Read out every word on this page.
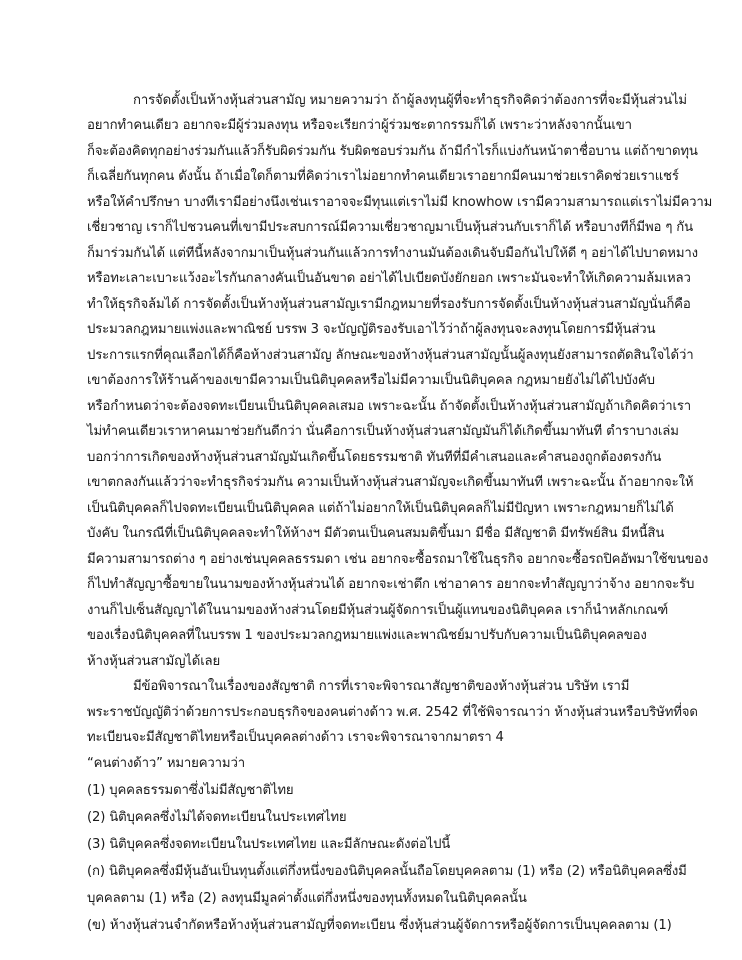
การจัดตั้งเป็นห้างหุ้นส่วนสามัญ หมายความว่า ถ้าผู้ลงทุนผู้ที่จะทำธุรกิจคิดว่าต้องการที่จะมีหุ้นส่วนไม่
อยากทำคนเดียว อยากจะมีผู้ร่วมลงทุน หรือจะเรียกว่าผู้ร่วมชะตากรรมก็ได้ เพราะว่าหลังจากนั้นเขา
ก็จะต้องคิดทุกอย่างร่วมกันแล้วก็รับผิดร่วมกัน รับผิดชอบร่วมกัน ถ้ามีกำไรก็แบ่งกันหน้าตาชื่อบาน แต่ถ้าขาดทุน
ก็เฉลี่ยกันทุกคน ดังนั้น ถ้าเมื่อใดก็ตามที่คิดว่าเราไม่อยากทำคนเดียวเราอยากมีคนมาช่วยเราคิดช่วยเราแชร์
หรือให้คำปรึกษา บางทีเรามีอย่างนึงเช่นเราอาจจะมีทุนแต่เราไม่มี knowhow เรามีความสามารถแต่เราไม่มีความ
เชี่ยวชาญ เราก็ไปชวนคนที่เขามีประสบการณ์มีความเชี่ยวชาญมาเป็นหุ้นส่วนกับเราก็ได้ หรือบางทีก็มีพอ ๆ กัน
ก็มาร่วมกันได้ แต่ทีนี้หลังจากมาเป็นหุ้นส่วนกันแล้วการทำงานมันต้องเดินจับมือกันไปให้ดี ๆ อย่าได้ไปบาดหมาง
หรือทะเลาะเบาะแว้งอะไรกันกลางคันเป็นอันขาด อย่าได้ไปเบียดบังยักยอก เพราะมันจะทำให้เกิดความล้มเหลว
ทำให้ธุรกิจล้มได้ การจัดตั้งเป็นห้างหุ้นส่วนสามัญเรามีกฎหมายที่รองรับการจัดตั้งเป็นห้างหุ้นส่วนสามัญนั่นก็คือ
ประมวลกฎหมายแพ่งและพาณิชย์ บรรพ 3 จะบัญญัติรองรับเอาไว้ว่าถ้าผู้ลงทุนจะลงทุนโดยการมีหุ้นส่วน
ประการแรกที่คุณเลือกได้ก็คือห้างส่วนสามัญ ลักษณะของห้างหุ้นส่วนสามัญนั้นผู้ลงทุนยังสามารถตัดสินใจได้ว่า
เขาต้องการให้ร้านค้าของเขามีความเป็นนิติบุคคลหรือไม่มีความเป็นนิติบุคคล กฎหมายยังไม่ได้ไปบังคับ
หรือกำหนดว่าจะต้องจดทะเบียนเป็นนิติบุคคลเสมอ เพราะฉะนั้น ถ้าจัดตั้งเป็นห้างหุ้นส่วนสามัญถ้าเกิดคิดว่าเรา
ไม่ทำคนเดียวเราหาคนมาช่วยกันดีกว่า นั่นคือการเป็นห้างหุ้นส่วนสามัญมันก็ได้เกิดขึ้นมาทันที ตำราบางเล่ม
บอกว่าการเกิดของห้างหุ้นส่วนสามัญมันเกิดขึ้นโดยธรรมชาติ ทันทีที่มีคำเสนอและคำสนองถูกต้องตรงกัน
เขาตกลงกันแล้วว่าจะทำธุรกิจร่วมกัน ความเป็นห้างหุ้นส่วนสามัญจะเกิดขึ้นมาทันที เพราะฉะนั้น ถ้าอยากจะให้
เป็นนิติบุคคลก็ไปจดทะเบียนเป็นนิติบุคคล แต่ถ้าไม่อยากให้เป็นนิติบุคคลก็ไม่มีปัญหา เพราะกฎหมายก็ไม่ได้
บังคับ ในกรณีที่เป็นนิติบุคคลจะทำให้ห้างฯ มีตัวตนเป็นคนสมมติขึ้นมา มีชื่อ มีสัญชาติ มีทรัพย์สิน มีหนี้สิน
มีความสามารถต่าง ๆ อย่างเช่นบุคคลธรรมดา เช่น อยากจะซื้อรถมาใช้ในธุรกิจ อยากจะซื้อรถปิคอัพมาใช้ขนของ
ก็ไปทำสัญญาซื้อขายในนามของห้างหุ้นส่วนได้ อยากจะเช่าตึก เช่าอาคาร อยากจะทำสัญญาว่าจ้าง อยากจะรับ
งานก็ไปเซ็นสัญญาได้ในนามของห้างส่วนโดยมีหุ้นส่วนผู้จัดการเป็นผู้แทนของนิติบุคคล เราก็นำหลักเกณฑ์
ของเรื่องนิติบุคคลที่ในบรรพ 1 ของประมวลกฎหมายแพ่งและพาณิชย์มาปรับกับความเป็นนิติบุคคลของ
ห้างหุ้นส่วนสามัญได้เลย
มีข้อพิจารณาในเรื่องของสัญชาติ การที่เราจะพิจารณาสัญชาติของห้างหุ้นส่วน บริษัท เรามี
พระราชบัญญัติว่าด้วยการประกอบธุรกิจของคนต่างด้าว พ.ศ. 2542 ที่ใช้พิจารณาว่า ห้างหุ้นส่วนหรือบริษัทที่จด
ทะเบียนจะมีสัญชาติไทยหรือเป็นบุคคลต่างด้าว เราจะพิจารณาจากมาตรา 4
“คนต่างด้าว” หมายความว่า
(1) บุคคลธรรมดาซึ่งไม่มีสัญชาติไทย
(2) นิติบุคคลซึ่งไม่ได้จดทะเบียนในประเทศไทย
(3) นิติบุคคลซึ่งจดทะเบียนในประเทศไทย และมีลักษณะดังต่อไปนี้
(ก) นิติบุคคลซึ่งมีหุ้นอันเป็นทุนตั้งแต่กึ่งหนึ่งของนิติบุคคลนั้นถือโดยบุคคลตาม (1) หรือ (2) หรือนิติบุคคลซึ่งมี
บุคคลตาม (1) หรือ (2) ลงทุนมีมูลค่าตั้งแต่กึ่งหนึ่งของทุนทั้งหมดในนิติบุคคลนั้น
(ข) ห้างหุ้นส่วนจำกัดหรือห้างหุ้นส่วนสามัญที่จดทะเบียน ซึ่งหุ้นส่วนผู้จัดการหรือผู้จัดการเป็นบุคคลตาม (1)
